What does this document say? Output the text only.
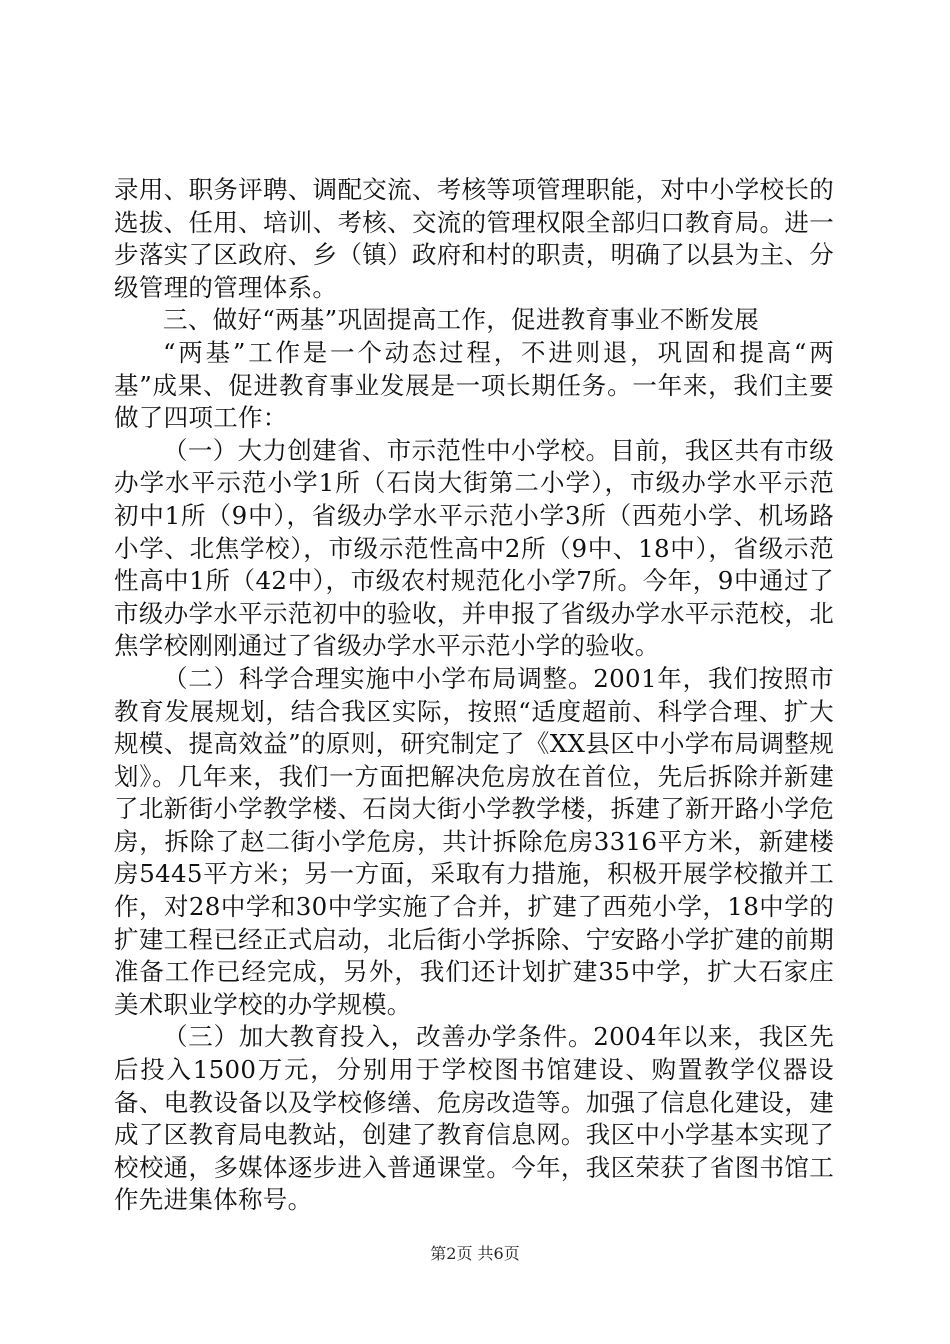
录用、职务评聘、调配交流、考核等项管理职能，对中小学校长的选拔、任用、培训、考核、交流的管理权限全部归口教育局。进一步落实了区政府、乡（镇）政府和村的职责，明确了以县为主、分级管理的管理体系。

三、做好“两基”巩固提高工作，促进教育事业不断发展

“两基”工作是一个动态过程，不进则退，巩固和提高“两基”成果、促进教育事业发展是一项长期任务。一年来，我们主要做了四项工作：

（一）大力创建省、市示范性中小学校。目前，我区共有市级办学水平示范小学1所（石岗大街第二小学），市级办学水平示范初中1所（9中），省级办学水平示范小学3所（西苑小学、机场路小学、北焦学校），市级示范性高中2所（9中、18中），省级示范性高中1所（42中），市级农村规范化小学7所。今年，9中通过了市级办学水平示范初中的验收，并申报了省级办学水平示范校，北焦学校刚刚通过了省级办学水平示范小学的验收。

（二）科学合理实施中小学布局调整。2001年，我们按照市教育发展规划，结合我区实际，按照“适度超前、科学合理、扩大规模、提高效益”的原则，研究制定了《XX县区中小学布局调整规划》。几年来，我们一方面把解决危房放在首位，先后拆除并新建了北新街小学教学楼、石岗大街小学教学楼，拆建了新开路小学危房，拆除了赵二街小学危房，共计拆除危房3316平方米，新建楼房5445平方米；另一方面，采取有力措施，积极开展学校撤并工作，对28中学和30中学实施了合并，扩建了西苑小学，18中学的扩建工程已经正式启动，北后街小学拆除、宁安路小学扩建的前期准备工作已经完成，另外，我们还计划扩建35中学，扩大石家庄美术职业学校的办学规模。

（三）加大教育投入，改善办学条件。2004年以来，我区先后投入1500万元，分别用于学校图书馆建设、购置教学仪器设备、电教设备以及学校修缮、危房改造等。加强了信息化建设，建成了区教育局电教站，创建了教育信息网。我区中小学基本实现了校校通，多媒体逐步进入普通课堂。今年，我区荣获了省图书馆工作先进集体称号。

第2页 共6页
